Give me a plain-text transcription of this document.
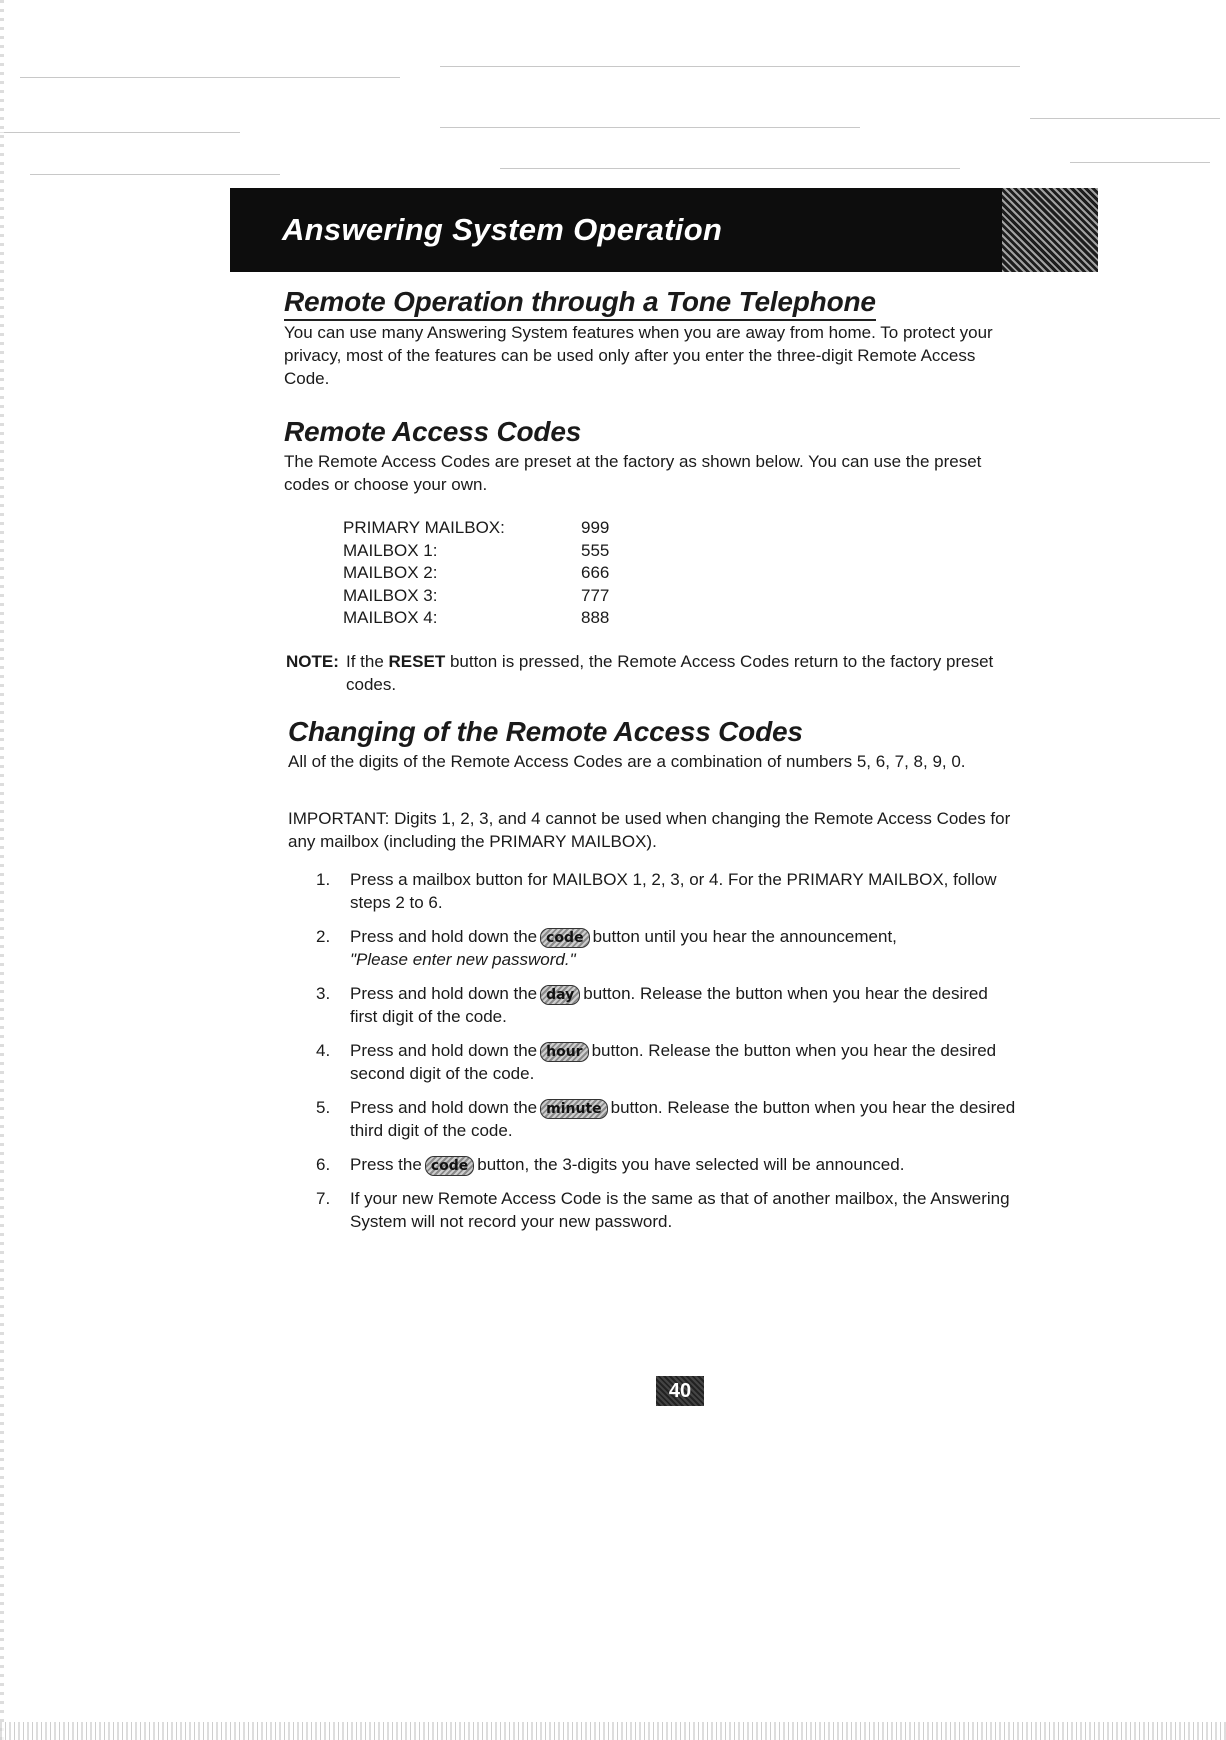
Answering System Operation
Remote Operation through a Tone Telephone
You can use many Answering System features when you are away from home. To protect your privacy, most of the features can be used only after you enter the three-digit Remote Access Code.
Remote Access Codes
The Remote Access Codes are preset at the factory as shown below. You can use the preset codes or choose your own.
PRIMARY MAILBOX:	999
MAILBOX 1:	555
MAILBOX 2:	666
MAILBOX 3:	777
MAILBOX 4:	888
NOTE: If the RESET button is pressed, the Remote Access Codes return to the factory preset codes.
Changing of the Remote Access Codes
All of the digits of the Remote Access Codes are a combination of numbers 5, 6, 7, 8, 9, 0.
IMPORTANT: Digits 1, 2, 3, and 4 cannot be used when changing the Remote Access Codes for any mailbox (including the PRIMARY MAILBOX).
1.	Press a mailbox button for MAILBOX 1, 2, 3, or 4. For the PRIMARY MAILBOX, follow steps 2 to 6.
2.	Press and hold down the code button until you hear the announcement,
"Please enter new password."
3.	Press and hold down the day button. Release the button when you hear the desired first digit of the code.
4.	Press and hold down the hour button. Release the button when you hear the desired second digit of the code.
5.	Press and hold down the minute button. Release the button when you hear the desired third digit of the code.
6.	Press the code button, the 3-digits you have selected will be announced.
7.	If your new Remote Access Code is the same as that of another mailbox, the Answering System will not record your new password.
40
